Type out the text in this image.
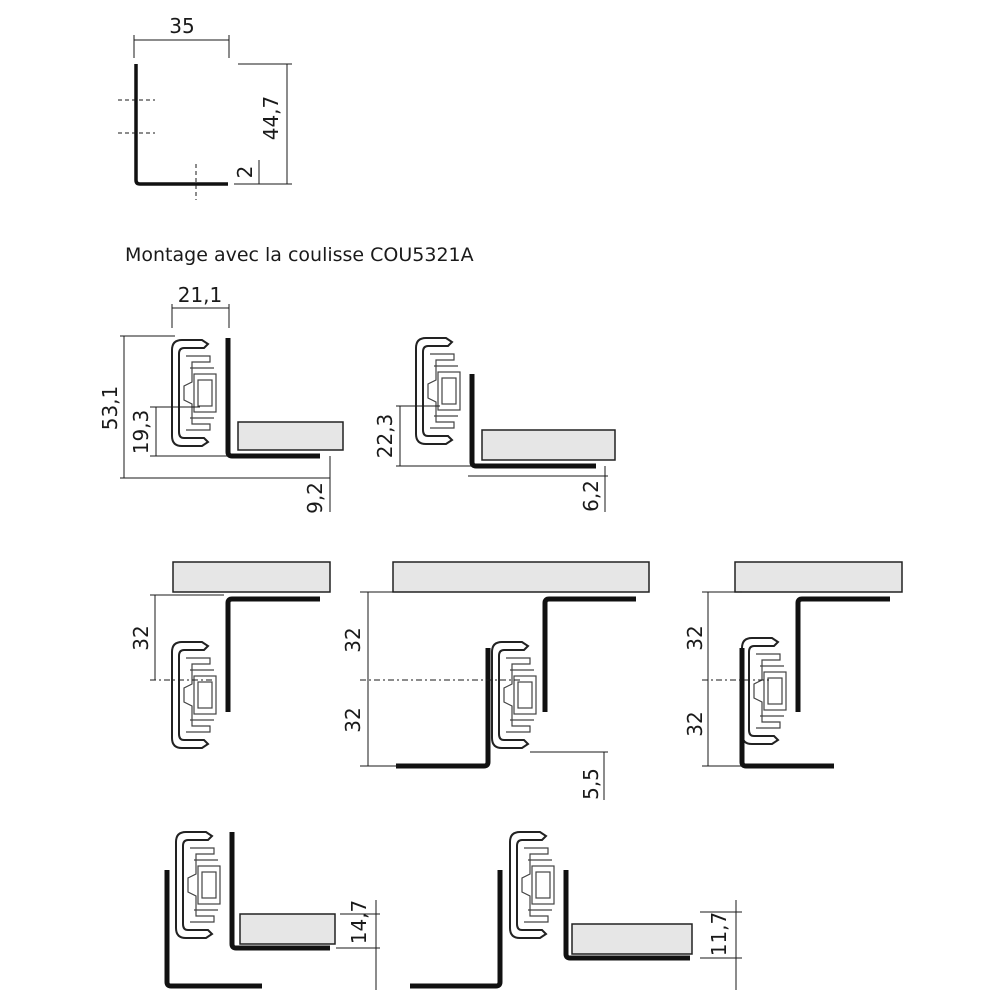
35
44,7
2
Montage avec la coulisse COU5321A
21,1
53,1
19,3
9,2
22,3
6,2
32	32
32
5,5
32
32
14,7	11,7
